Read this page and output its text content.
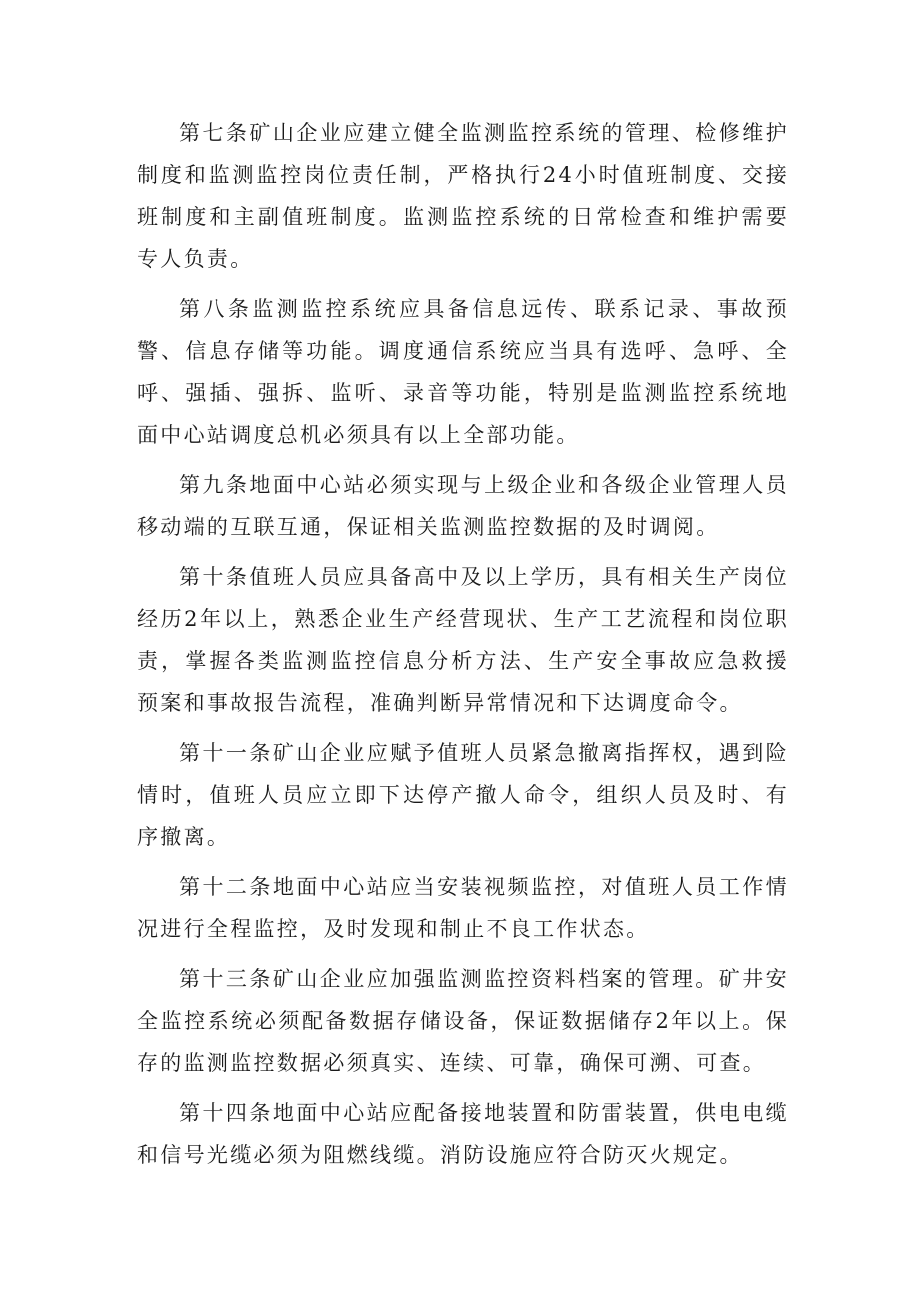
第七条矿山企业应建立健全监测监控系统的管理、检修维护制度和监测监控岗位责任制，严格执行24小时值班制度、交接班制度和主副值班制度。监测监控系统的日常检查和维护需要专人负责。

第八条监测监控系统应具备信息远传、联系记录、事故预警、信息存储等功能。调度通信系统应当具有选呼、急呼、全呼、强插、强拆、监听、录音等功能，特别是监测监控系统地面中心站调度总机必须具有以上全部功能。

第九条地面中心站必须实现与上级企业和各级企业管理人员移动端的互联互通，保证相关监测监控数据的及时调阅。

第十条值班人员应具备高中及以上学历，具有相关生产岗位经历2年以上，熟悉企业生产经营现状、生产工艺流程和岗位职责，掌握各类监测监控信息分析方法、生产安全事故应急救援预案和事故报告流程，准确判断异常情况和下达调度命令。

第十一条矿山企业应赋予值班人员紧急撤离指挥权，遇到险情时，值班人员应立即下达停产撤人命令，组织人员及时、有序撤离。

第十二条地面中心站应当安装视频监控，对值班人员工作情况进行全程监控，及时发现和制止不良工作状态。

第十三条矿山企业应加强监测监控资料档案的管理。矿井安全监控系统必须配备数据存储设备，保证数据储存2年以上。保存的监测监控数据必须真实、连续、可靠，确保可溯、可查。

第十四条地面中心站应配备接地装置和防雷装置，供电电缆和信号光缆必须为阻燃线缆。消防设施应符合防灭火规定。
